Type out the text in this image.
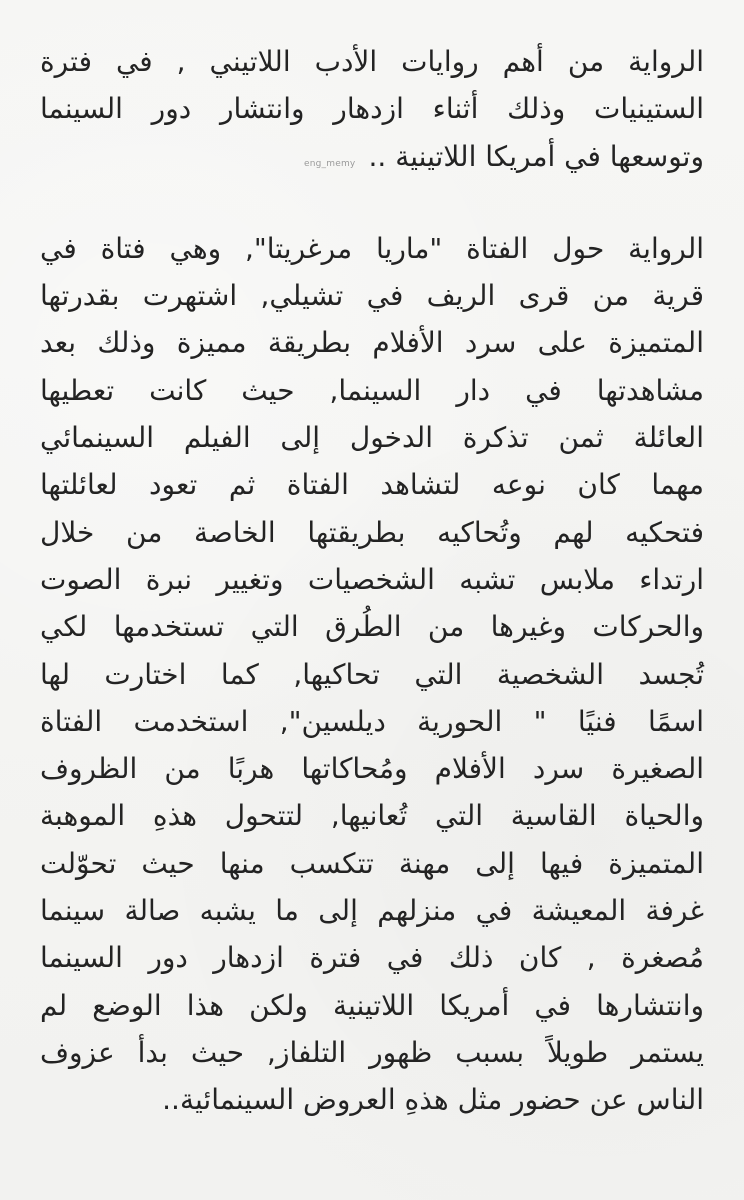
eng_memy
الرواية من أهم روايات الأدب اللاتيني , في فترة
الستينيات وذلك أثناء ازدهار وانتشار دور السينما
وتوسعها في أمريكا اللاتينية ..
الرواية حول الفتاة "ماريا مرغريتا", وهي فتاة في
قرية من قرى الريف في تشيلي, اشتهرت بقدرتها
المتميزة على سرد الأفلام بطريقة مميزة وذلك بعد
مشاهدتها في دار السينما, حيث كانت تعطيها
العائلة ثمن تذكرة الدخول إلى الفيلم السينمائي
مهما كان نوعه لتشاهد الفتاة ثم تعود لعائلتها
فتحكيه لهم وتُحاكيه بطريقتها الخاصة من خلال
ارتداء ملابس تشبه الشخصيات وتغيير نبرة الصوت
والحركات وغيرها من الطُرق التي تستخدمها لكي
تُجسد الشخصية التي تحاكيها, كما اختارت لها
اسمًا فنيًا " الحورية ديلسين", استخدمت الفتاة
الصغيرة سرد الأفلام ومُحاكاتها هربًا من الظروف
والحياة القاسية التي تُعانيها, لتتحول هذهِ الموهبة
المتميزة فيها إلى مهنة تتكسب منها حيث تحوّلت
غرفة المعيشة في منزلهم إلى ما يشبه صالة سينما
مُصغرة , كان ذلك في فترة ازدهار دور السينما
وانتشارها في أمريكا اللاتينية ولكن هذا الوضع لم
يستمر طويلاً بسبب ظهور التلفاز, حيث بدأ عزوف
الناس عن حضور مثل هذهِ العروض السينمائية..
